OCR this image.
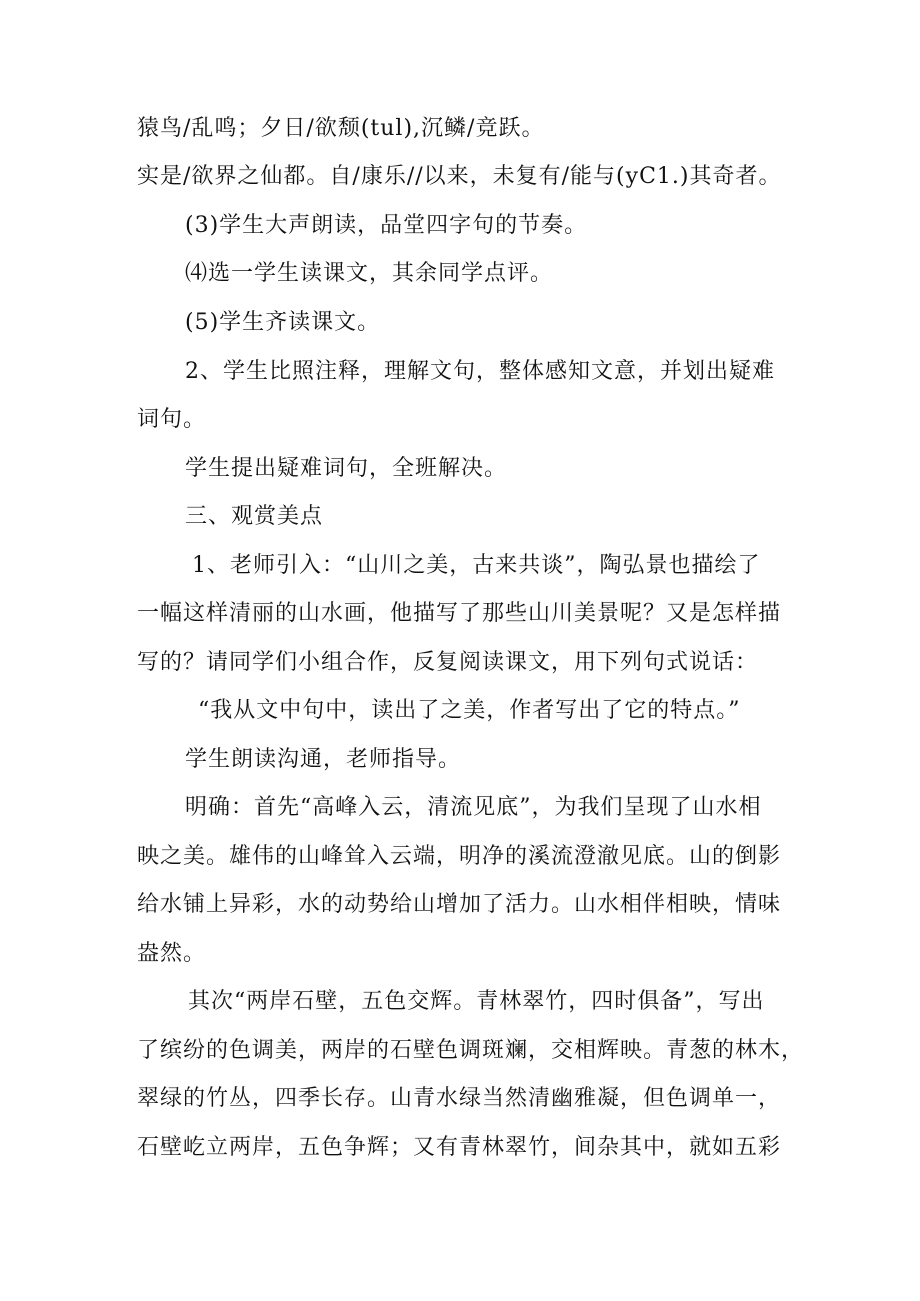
猿鸟/乱鸣；夕日/欲颓(tul),沉鳞/竞跃。
实是/欲界之仙都。自/康乐//以来，未复有/能与(yC1.)其奇者。
(3)学生大声朗读，品堂四字句的节奏。
⑷选一学生读课文，其余同学点评。
(5)学生齐读课文。
2、学生比照注释，理解文句，整体感知文意，并划出疑难
词句。
学生提出疑难词句，全班解决。
三、观赏美点
1、老师引入：“山川之美，古来共谈”，陶弘景也描绘了
一幅这样清丽的山水画，他描写了那些山川美景呢？又是怎样描
写的？请同学们小组合作，反复阅读课文，用下列句式说话：
“我从文中句中，读出了之美，作者写出了它的特点。”
学生朗读沟通，老师指导。
明确：首先“高峰入云，清流见底”，为我们呈现了山水相
映之美。雄伟的山峰耸入云端，明净的溪流澄澈见底。山的倒影
给水铺上异彩，水的动势给山增加了活力。山水相伴相映，情味
盎然。
其次“两岸石壁，五色交辉。青林翠竹，四时俱备”，写出
了缤纷的色调美，两岸的石壁色调斑斓，交相辉映。青葱的林木，
翠绿的竹丛，四季长存。山青水绿当然清幽雅凝，但色调单一，
石壁屹立两岸，五色争辉；又有青林翠竹，间杂其中，就如五彩
